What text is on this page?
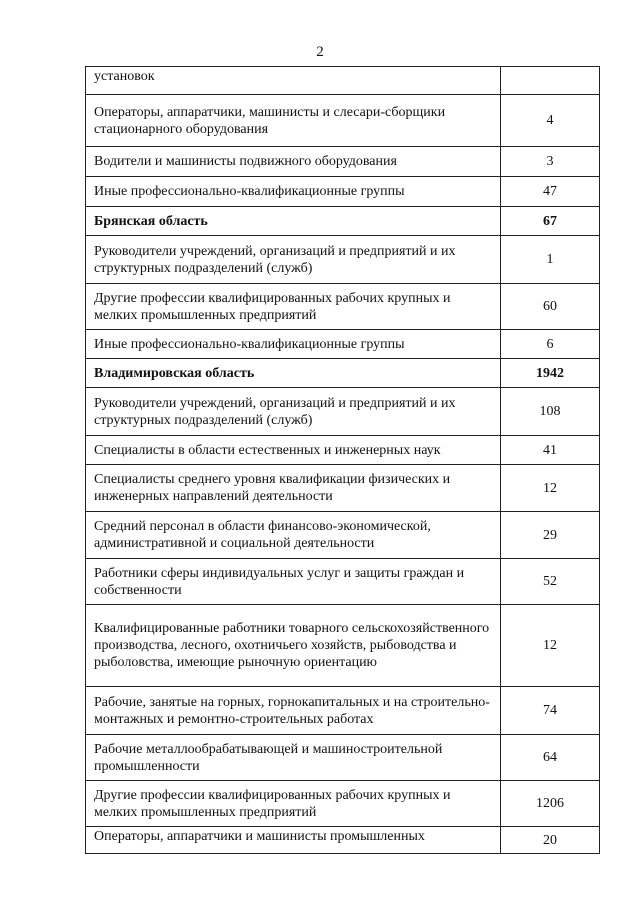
2
установок	
Операторы, аппаратчики, машинисты и слесари-сборщики стационарного оборудования	4
Водители и машинисты подвижного оборудования	3
Иные профессионально-квалификационные группы	47
Брянская область	67
Руководители учреждений, организаций и предприятий и их структурных подразделений (служб)	1
Другие профессии квалифицированных рабочих крупных и мелких промышленных предприятий	60
Иные профессионально-квалификационные группы	6
Владимировская область	1942
Руководители учреждений, организаций и предприятий и их структурных подразделений (служб)	108
Специалисты в области естественных и инженерных наук	41
Специалисты среднего уровня квалификации физических и инженерных направлений деятельности	12
Средний персонал в области финансово-экономической, административной и социальной деятельности	29
Работники сферы индивидуальных услуг и защиты граждан и собственности	52
Квалифицированные работники товарного сельскохозяйственного производства, лесного, охотничьего хозяйств, рыбоводства и рыболовства, имеющие рыночную ориентацию	12
Рабочие, занятые на горных, горнокапитальных и на строительно-монтажных и ремонтно-строительных работах	74
Рабочие металлообрабатывающей и машиностроительной промышленности	64
Другие профессии квалифицированных рабочих крупных и мелких промышленных предприятий	1206
Операторы, аппаратчики и машинисты промышленных	20
